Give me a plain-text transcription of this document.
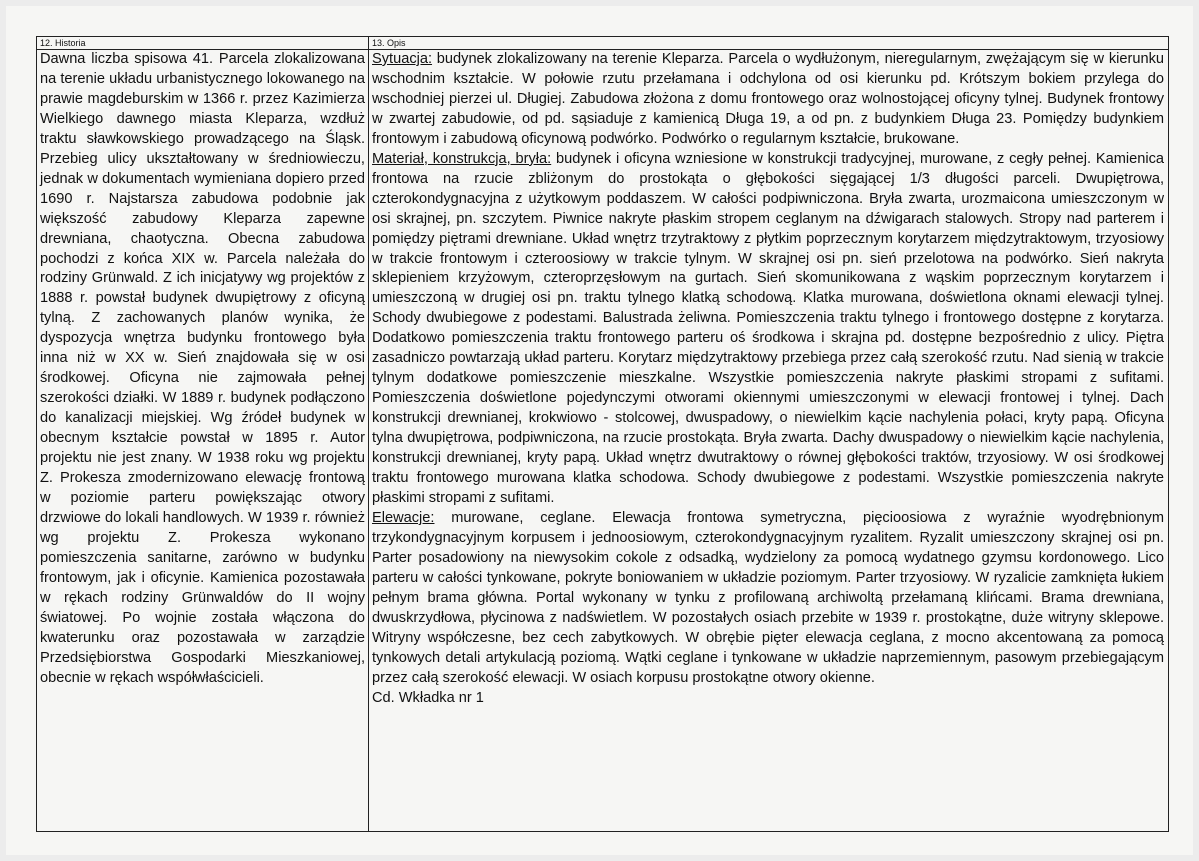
12. Historia
Dawna liczba spisowa 41. Parcela zlokalizowana na terenie układu urbanistycznego lokowanego na prawie magdeburskim w 1366 r. przez Kazimierza Wielkiego dawnego miasta Kleparza, wzdłuż traktu sławkowskiego prowadzącego na Śląsk. Przebieg ulicy ukształtowany w średniowieczu, jednak w dokumentach wymieniana dopiero przed 1690 r. Najstarsza zabudowa podobnie jak większość zabudowy Kleparza zapewne drewniana, chaotyczna. Obecna zabudowa pochodzi z końca XIX w. Parcela należała do rodziny Grünwald. Z ich inicjatywy wg projektów z 1888 r. powstał budynek dwupiętrowy z oficyną tylną. Z zachowanych planów wynika, że dyspozycja wnętrza budynku frontowego była inna niż w XX w. Sień znajdowała się w osi środkowej. Oficyna nie zajmowała pełnej szerokości działki. W 1889 r. budynek podłączono do kanalizacji miejskiej. Wg źródeł budynek w obecnym kształcie powstał w 1895 r. Autor projektu nie jest znany. W 1938 roku wg projektu Z. Prokesza zmodernizowano elewację frontową w poziomie parteru powiększając otwory drzwiowe do lokali handlowych. W 1939 r. również wg projektu Z. Prokesza wykonano pomieszczenia sanitarne, zarówno w budynku frontowym, jak i oficynie. Kamienica pozostawała w rękach rodziny Grünwaldów do II wojny światowej. Po wojnie została włączona do kwaterunku oraz pozostawała w zarządzie Przedsiębiorstwa Gospodarki Mieszkaniowej, obecnie w rękach współwłaścicieli.
13. Opis

Sytuacja: budynek zlokalizowany na terenie Kleparza. Parcela o wydłużonym, nieregularnym, zwężającym się w kierunku wschodnim kształcie. W połowie rzutu przełamana i odchylona od osi kierunku pd. Krótszym bokiem przylega do wschodniej pierzei ul. Długiej. Zabudowa złożona z domu frontowego oraz wolnostojącej oficyny tylnej. Budynek frontowy w zwartej zabudowie, od pd. sąsiaduje z kamienicą Długa 19, a od pn. z budynkiem Długa 23. Pomiędzy budynkiem frontowym i zabudową oficynową podwórko. Podwórko o regularnym kształcie, brukowane.

Materiał, konstrukcja, bryła: budynek i oficyna wzniesione w konstrukcji tradycyjnej, murowane, z cegły pełnej. Kamienica frontowa na rzucie zbliżonym do prostokąta o głębokości sięgającej 1/3 długości parceli. Dwupiętrowa, czterokondygnacyjna z użytkowym poddaszem. W całości podpiwniczona. Bryła zwarta, urozmaicona umieszczonym w osi skrajnej, pn. szczytem. Piwnice nakryte płaskim stropem ceglanym na dźwigarach stalowych. Stropy nad parterem i pomiędzy piętrami drewniane. Układ wnętrz trzytraktowy z płytkim poprzecznym korytarzem międzytraktowym, trzyosiowy w trakcie frontowym i czteroosiowy w trakcie tylnym. W skrajnej osi pn. sień przelotowa na podwórko. Sień nakryta sklepieniem krzyżowym, czteroprzęsłowym na gurtach. Sień skomunikowana z wąskim poprzecznym korytarzem i umieszczoną w drugiej osi pn. traktu tylnego klatką schodową. Klatka murowana, doświetlona oknami elewacji tylnej. Schody dwubiegowe z podestami. Balustrada żeliwna. Pomieszczenia traktu tylnego i frontowego dostępne z korytarza. Dodatkowo pomieszczenia traktu frontowego parteru oś środkowa i skrajna pd. dostępne bezpośrednio z ulicy. Piętra zasadniczo powtarzają układ parteru. Korytarz międzytraktowy przebiega przez całą szerokość rzutu. Nad sienią w trakcie tylnym dodatkowe pomieszczenie mieszkalne. Wszystkie pomieszczenia nakryte płaskimi stropami z sufitami. Pomieszczenia doświetlone pojedynczymi otworami okiennymi umieszczonymi w elewacji frontowej i tylnej. Dach konstrukcji drewnianej, krokwiowo - stolcowej, dwuspadowy, o niewielkim kącie nachylenia połaci, kryty papą. Oficyna tylna dwupiętrowa, podpiwniczona, na rzucie prostokąta. Bryła zwarta. Dachy dwuspadowy o niewielkim kącie nachylenia, konstrukcji drewnianej, kryty papą. Układ wnętrz dwutraktowy o równej głębokości traktów, trzyosiowy. W osi środkowej traktu frontowego murowana klatka schodowa. Schody dwubiegowe z podestami. Wszystkie pomieszczenia nakryte płaskimi stropami z sufitami.

Elewacje: murowane, ceglane. Elewacja frontowa symetryczna, pięcioosiowa z wyraźnie wyodrębnionym trzykondygnacyjnym korpusem i jednoosiowym, czterokondygnacyjnym ryzalitem. Ryzalit umieszczony skrajnej osi pn. Parter posadowiony na niewysokim cokole z odsadką, wydzielony za pomocą wydatnego gzymsu kordonowego. Lico parteru w całości tynkowane, pokryte boniowaniem w układzie poziomym. Parter trzyosiowy. W ryzalicie zamknięta łukiem pełnym brama główna. Portal wykonany w tynku z profilowaną archiwoltą przełamaną klińcami. Brama drewniana, dwuskrzydłowa, płycinowa z nadświetlem. W pozostałych osiach przebite w 1939 r. prostokątne, duże witryny sklepowe. Witryny współczesne, bez cech zabytkowych. W obrębie pięter elewacja ceglana, z mocno akcentowaną za pomocą tynkowych detali artykulacją poziomą. Wątki ceglane i tynkowane w układzie naprzemiennym, pasowym przebiegającym przez całą szerokość elewacji. W osiach korpusu prostokątne otwory okienne.

Cd. Wkładka nr 1
